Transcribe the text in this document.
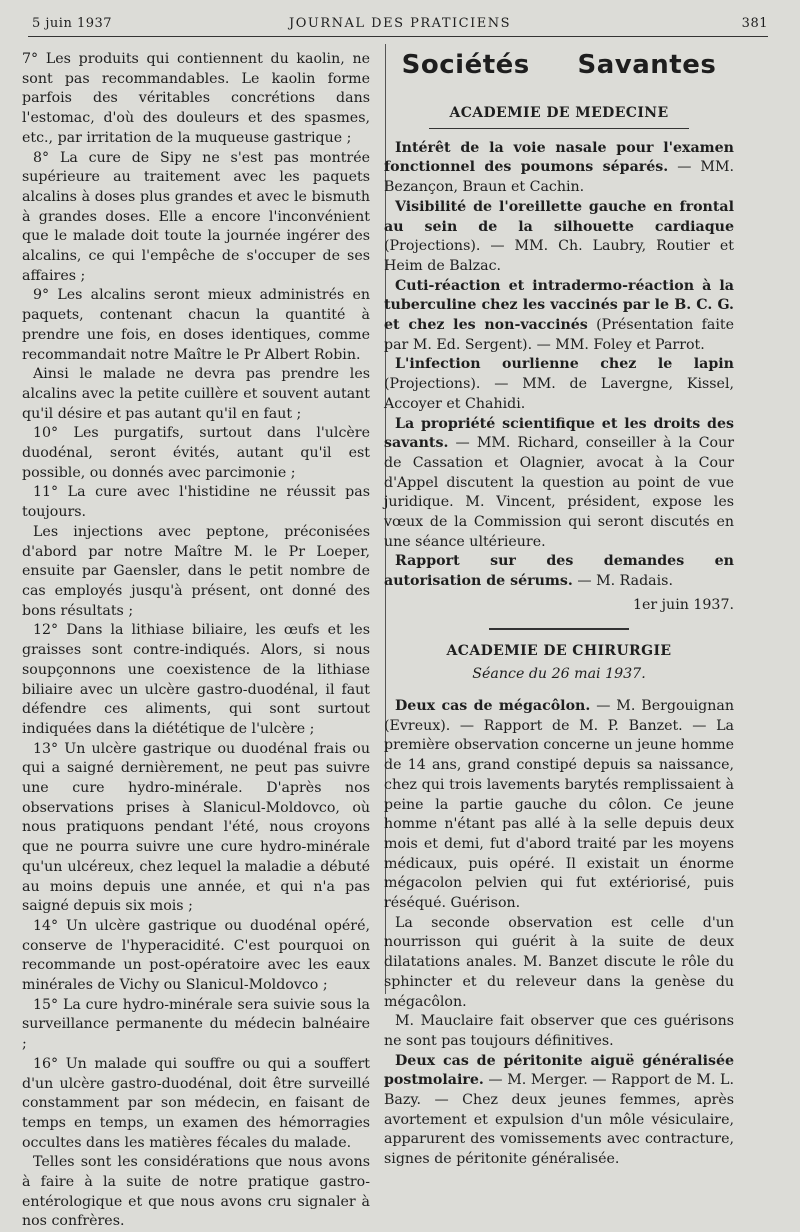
5 juin 1937	JOURNAL DES PRATICIENS	381

7° Les produits qui contiennent du kaolin, ne sont pas recommandables. Le kaolin forme parfois des véritables concrétions dans l'estomac, d'où des douleurs et des spasmes, etc., par irritation de la muqueuse gastrique ;

8° La cure de Sipy ne s'est pas montrée supérieure au traitement avec les paquets alcalins à doses plus grandes et avec le bismuth à grandes doses. Elle a encore l'inconvénient que le malade doit toute la journée ingérer des alcalins, ce qui l'empêche de s'occuper de ses affaires ;

9° Les alcalins seront mieux administrés en paquets, contenant chacun la quantité à prendre une fois, en doses identiques, comme recommandait notre Maître le Pr Albert Robin.

Ainsi le malade ne devra pas prendre les alcalins avec la petite cuillère et souvent autant qu'il désire et pas autant qu'il en faut ;

10° Les purgatifs, surtout dans l'ulcère duodénal, seront évités, autant qu'il est possible, ou donnés avec parcimonie ;

11° La cure avec l'histidine ne réussit pas toujours.

Les injections avec peptone, préconisées d'abord par notre Maître M. le Pr Loeper, ensuite par Gaensler, dans le petit nombre de cas employés jusqu'à présent, ont donné des bons résultats ;

12° Dans la lithiase biliaire, les œufs et les graisses sont contre-indiqués. Alors, si nous soupçonnons une coexistence de la lithiase biliaire avec un ulcère gastro-duodénal, il faut défendre ces aliments, qui sont surtout indiquées dans la diététique de l'ulcère ;

13° Un ulcère gastrique ou duodénal frais ou qui a saigné dernièrement, ne peut pas suivre une cure hydro-minérale. D'après nos observations prises à Slanicul-Moldovco, où nous pratiquons pendant l'été, nous croyons que ne pourra suivre une cure hydro-minérale qu'un ulcéreux, chez lequel la maladie a débuté au moins depuis une année, et qui n'a pas saigné depuis six mois ;

14° Un ulcère gastrique ou duodénal opéré, conserve de l'hyperacidité. C'est pourquoi on recommande un post-opératoire avec les eaux minérales de Vichy ou Slanicul-Moldovco ;

15° La cure hydro-minérale sera suivie sous la surveillance permanente du médecin balnéaire ;

16° Un malade qui souffre ou qui a souffert d'un ulcère gastro-duodénal, doit être surveillé constamment par son médecin, en faisant de temps en temps, un examen des hémorragies occultes dans les matières fécales du malade.

Telles sont les considérations que nous avons à faire à la suite de notre pratique gastro-entérologique et que nous avons cru signaler à nos confrères.

Sociétés Savantes
ACADEMIE DE MEDECINE

Intérêt de la voie nasale pour l'examen fonctionnel des poumons séparés. — MM. Bezançon, Braun et Cachin.

Visibilité de l'oreillette gauche en frontal au sein de la silhouette cardiaque (Projections). — MM. Ch. Laubry, Routier et Heim de Balzac.

Cuti-réaction et intradermo-réaction à la tuberculine chez les vaccinés par le B. C. G. et chez les non-vaccinés (Présentation faite par M. Ed. Sergent). — MM. Foley et Parrot.

L'infection ourlienne chez le lapin (Projections). — MM. de Lavergne, Kissel, Accoyer et Chahidi.

La propriété scientifique et les droits des savants. — MM. Richard, conseiller à la Cour de Cassation et Olagnier, avocat à la Cour d'Appel discutent la question au point de vue juridique. M. Vincent, président, expose les vœux de la Commission qui seront discutés en une séance ultérieure.

Rapport sur des demandes en autorisation de sérums. — M. Radais.

1er juin 1937.
ACADEMIE DE CHIRURGIE
Séance du 26 mai 1937.

Deux cas de mégacôlon. — M. Bergouignan (Evreux). — Rapport de M. P. Banzet. — La première observation concerne un jeune homme de 14 ans, grand constipé depuis sa naissance, chez qui trois lavements barytés remplissaient à peine la partie gauche du côlon. Ce jeune homme n'étant pas allé à la selle depuis deux mois et demi, fut d'abord traité par les moyens médicaux, puis opéré. Il existait un énorme mégacolon pelvien qui fut extériorisé, puis réséqué. Guérison.

La seconde observation est celle d'un nourrisson qui guérit à la suite de deux dilatations anales. M. Banzet discute le rôle du sphincter et du releveur dans la genèse du mégacôlon.

M. Mauclaire fait observer que ces guérisons ne sont pas toujours définitives.

Deux cas de péritonite aiguë généralisée postmolaire. — M. Merger. — Rapport de M. L. Bazy. — Chez deux jeunes femmes, après avortement et expulsion d'un môle vésiculaire, apparurent des vomissements avec contracture, signes de péritonite généralisée.
